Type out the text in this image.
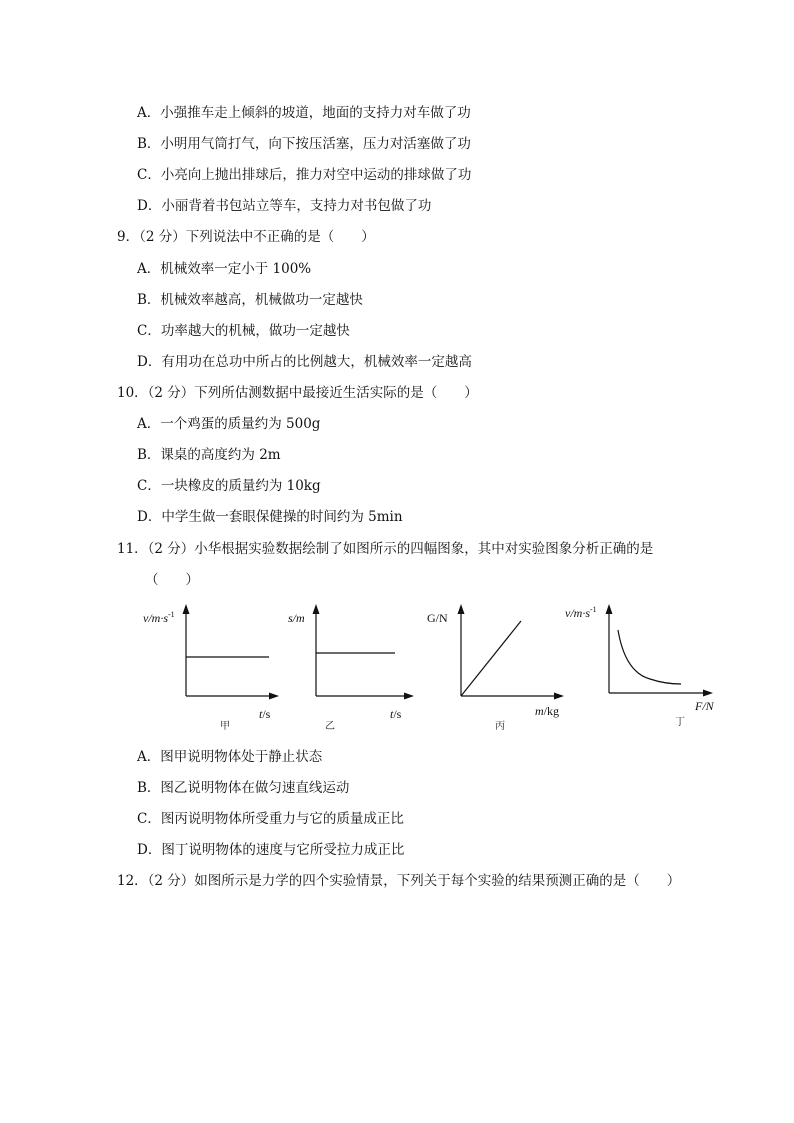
A．小强推车走上倾斜的坡道，地面的支持力对车做了功
B．小明用气筒打气，向下按压活塞，压力对活塞做了功
C．小亮向上抛出排球后，推力对空中运动的排球做了功
D．小丽背着书包站立等车，支持力对书包做了功
9．（2 分）下列说法中不正确的是（　　）
A．机械效率一定小于 100%
B．机械效率越高，机械做功一定越快
C．功率越大的机械，做功一定越快
D．有用功在总功中所占的比例越大，机械效率一定越高
10．（2 分）下列所估测数据中最接近生活实际的是（　　）
A．一个鸡蛋的质量约为 500g
B．课桌的高度约为 2m
C．一块橡皮的质量约为 10kg
D．中学生做一套眼保健操的时间约为 5min
11．（2 分）小华根据实验数据绘制了如图所示的四幅图象，其中对实验图象分析正确的是
（　　）
$v/m\cdot s^{-1}$
t/s
甲
s/m
t/s
乙
G/N
m/kg
丙
$v/m\cdot s^{-1}$
F/N
丁
A．图甲说明物体处于静止状态
B．图乙说明物体在做匀速直线运动
C．图丙说明物体所受重力与它的质量成正比
D．图丁说明物体的速度与它所受拉力成正比
12．（2 分）如图所示是力学的四个实验情景，下列关于每个实验的结果预测正确的是（　　）
